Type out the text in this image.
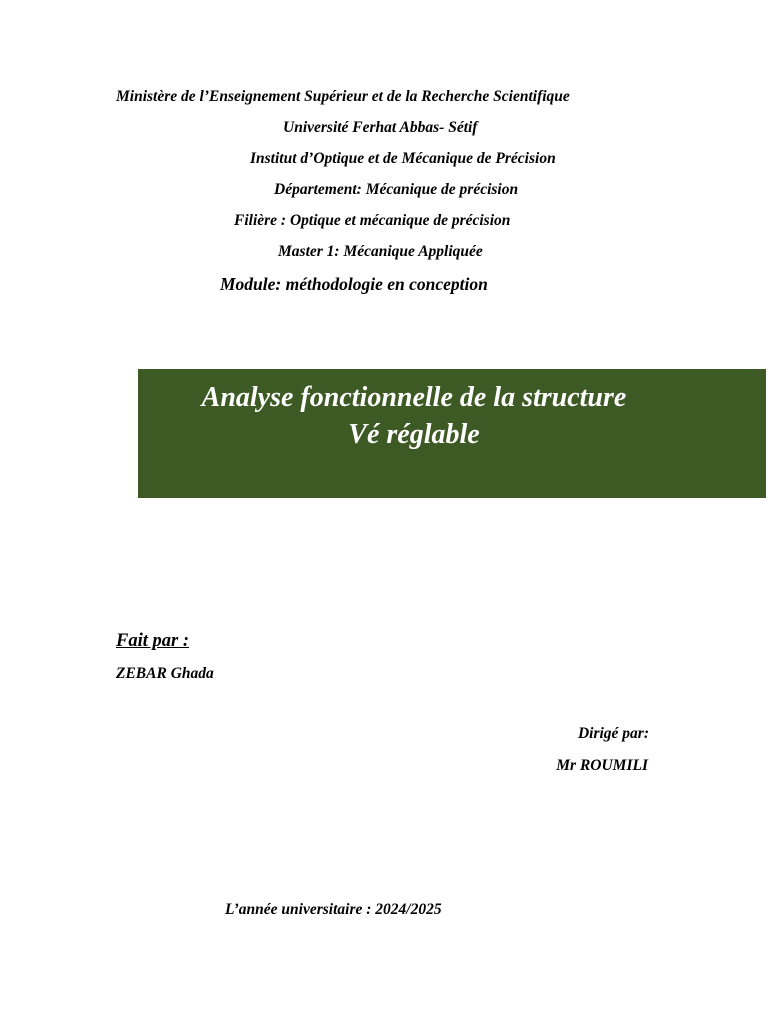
Ministère de l’Enseignement Supérieur et de la Recherche Scientifique
Université Ferhat Abbas- Sétif
Institut d’Optique et de Mécanique de Précision
Département: Mécanique de précision
Filière : Optique et mécanique de précision
Master 1: Mécanique Appliquée
Module: méthodologie en conception
Analyse fonctionnelle de la structure
Vé réglable
Fait par :
ZEBAR Ghada
Dirigé par:
Mr ROUMILI
L’année universitaire : 2024/2025
